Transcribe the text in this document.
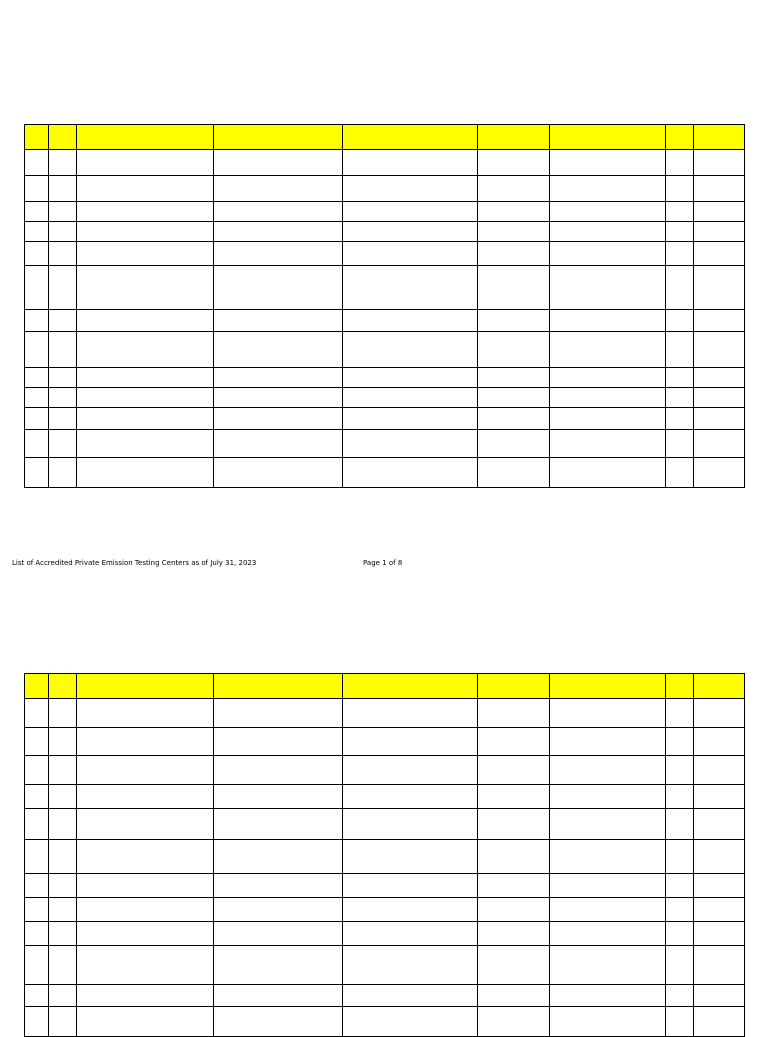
List of Accredited Private Emission Testing Centers as of July 31, 2023	Page 1 of 8
